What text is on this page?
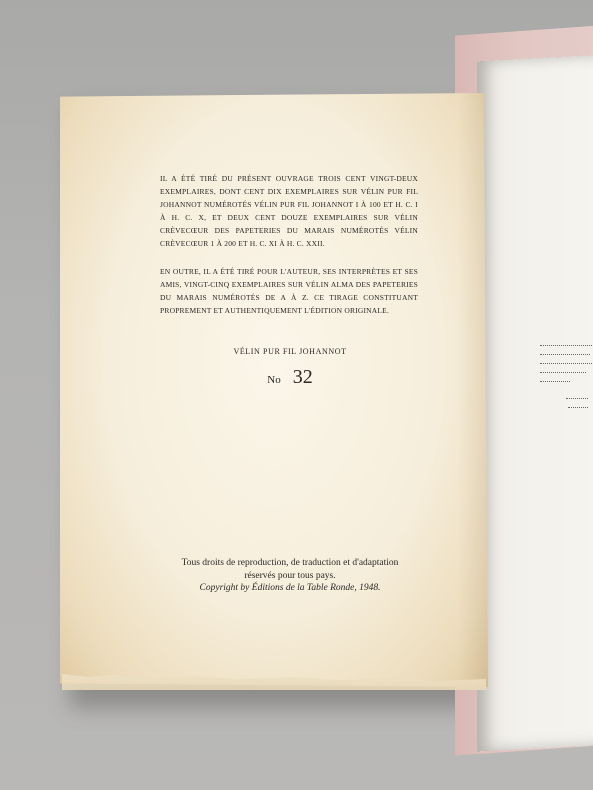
IL A ÉTÉ TIRÉ DU PRÉSENT OUVRAGE TROIS CENT VINGT-DEUX EXEMPLAIRES, DONT CENT DIX EXEMPLAIRES SUR VÉLIN PUR FIL JOHANNOT NUMÉROTÉS VÉLIN PUR FIL JOHANNOT I À 100 ET H. C. I À H. C. X, ET DEUX CENT DOUZE EXEMPLAIRES SUR VÉLIN CRÈVECŒUR DES PAPETERIES DU MARAIS NUMÉROTÉS VÉLIN CRÈVECŒUR 1 À 200 ET H. C. XI À H. C. XXII.

EN OUTRE, IL A ÉTÉ TIRÉ POUR L'AUTEUR, SES INTERPRÈTES ET SES AMIS, VINGT-CINQ EXEMPLAIRES SUR VÉLIN ALMA DES PAPETERIES DU MARAIS NUMÉROTÉS DE A À Z. CE TIRAGE CONSTITUANT PROPREMENT ET AUTHENTIQUEMENT L'ÉDITION ORIGINALE.

VÉLIN PUR FIL JOHANNOT
No 32
Tous droits de reproduction, de traduction et d'adaptation
réservés pour tous pays.
Copyright by Éditions de la Table Ronde, 1948.
